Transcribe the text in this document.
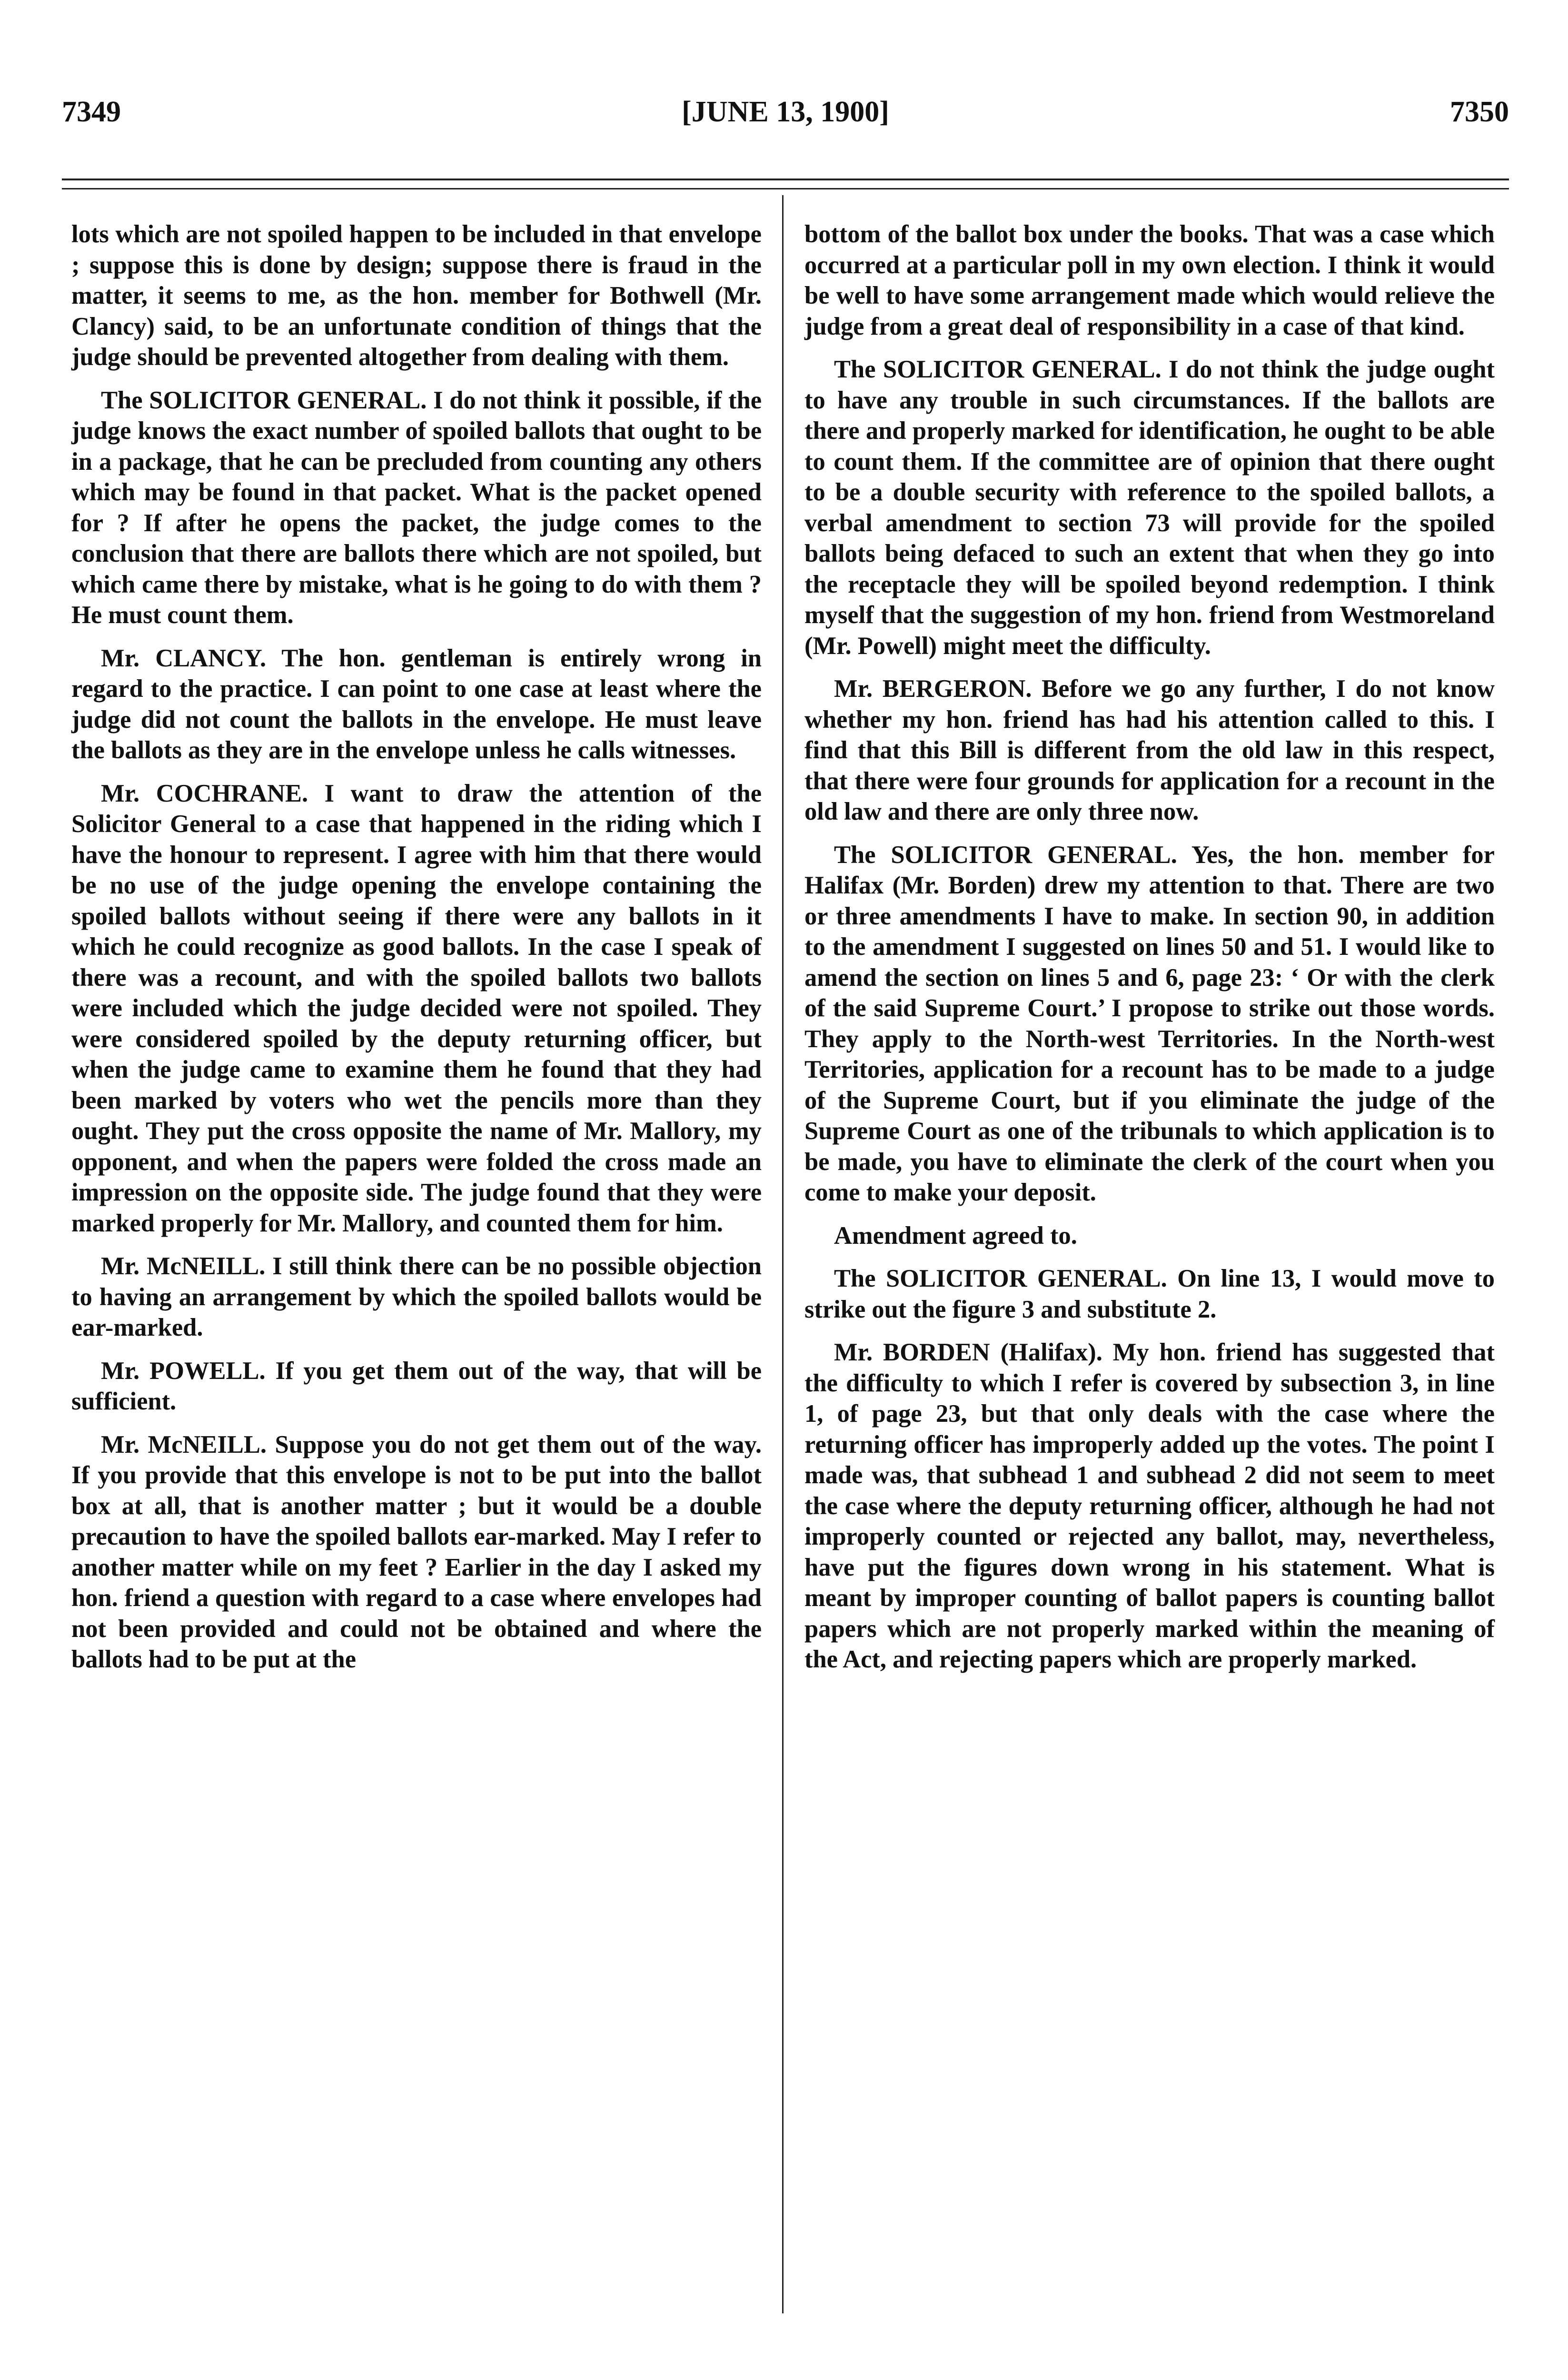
7349	[JUNE 13, 1900]	7350

lots which are not spoiled happen to be included in that envelope ; suppose this is done by design; suppose there is fraud in the matter, it seems to me, as the hon. member for Bothwell (Mr. Clancy) said, to be an unfortunate condition of things that the judge should be prevented altogether from dealing with them.

The SOLICITOR GENERAL. I do not think it possible, if the judge knows the exact number of spoiled ballots that ought to be in a package, that he can be precluded from counting any others which may be found in that packet. What is the packet opened for ? If after he opens the packet, the judge comes to the conclusion that there are ballots there which are not spoiled, but which came there by mistake, what is he going to do with them ? He must count them.

Mr. CLANCY. The hon. gentleman is entirely wrong in regard to the practice. I can point to one case at least where the judge did not count the ballots in the envelope. He must leave the ballots as they are in the envelope unless he calls witnesses.

Mr. COCHRANE. I want to draw the attention of the Solicitor General to a case that happened in the riding which I have the honour to represent. I agree with him that there would be no use of the judge opening the envelope containing the spoiled ballots without seeing if there were any ballots in it which he could recognize as good ballots. In the case I speak of there was a recount, and with the spoiled ballots two ballots were included which the judge decided were not spoiled. They were considered spoiled by the deputy returning officer, but when the judge came to examine them he found that they had been marked by voters who wet the pencils more than they ought. They put the cross opposite the name of Mr. Mallory, my opponent, and when the papers were folded the cross made an impression on the opposite side. The judge found that they were marked properly for Mr. Mallory, and counted them for him.

Mr. McNEILL. I still think there can be no possible objection to having an arrangement by which the spoiled ballots would be ear-marked.

Mr. POWELL. If you get them out of the way, that will be sufficient.

Mr. McNEILL. Suppose you do not get them out of the way. If you provide that this envelope is not to be put into the ballot box at all, that is another matter ; but it would be a double precaution to have the spoiled ballots ear-marked. May I refer to another matter while on my feet ? Earlier in the day I asked my hon. friend a question with regard to a case where envelopes had not been provided and could not be obtained and where the ballots had to be put at the

bottom of the ballot box under the books. That was a case which occurred at a particular poll in my own election. I think it would be well to have some arrangement made which would relieve the judge from a great deal of responsibility in a case of that kind.

The SOLICITOR GENERAL. I do not think the judge ought to have any trouble in such circumstances. If the ballots are there and properly marked for identification, he ought to be able to count them. If the committee are of opinion that there ought to be a double security with reference to the spoiled ballots, a verbal amendment to section 73 will provide for the spoiled ballots being defaced to such an extent that when they go into the receptacle they will be spoiled beyond redemption. I think myself that the suggestion of my hon. friend from Westmoreland (Mr. Powell) might meet the difficulty.

Mr. BERGERON. Before we go any further, I do not know whether my hon. friend has had his attention called to this. I find that this Bill is different from the old law in this respect, that there were four grounds for application for a recount in the old law and there are only three now.

The SOLICITOR GENERAL. Yes, the hon. member for Halifax (Mr. Borden) drew my attention to that. There are two or three amendments I have to make. In section 90, in addition to the amendment I suggested on lines 50 and 51. I would like to amend the section on lines 5 and 6, page 23: ‘ Or with the clerk of the said Supreme Court.’ I propose to strike out those words. They apply to the North-west Territories. In the North-west Territories, application for a recount has to be made to a judge of the Supreme Court, but if you eliminate the judge of the Supreme Court as one of the tribunals to which application is to be made, you have to eliminate the clerk of the court when you come to make your deposit.

Amendment agreed to.

The SOLICITOR GENERAL. On line 13, I would move to strike out the figure 3 and substitute 2.

Mr. BORDEN (Halifax). My hon. friend has suggested that the difficulty to which I refer is covered by subsection 3, in line 1, of page 23, but that only deals with the case where the returning officer has improperly added up the votes. The point I made was, that subhead 1 and subhead 2 did not seem to meet the case where the deputy returning officer, although he had not improperly counted or rejected any ballot, may, nevertheless, have put the figures down wrong in his statement. What is meant by improper counting of ballot papers is counting ballot papers which are not properly marked within the meaning of the Act, and rejecting papers which are properly marked.
